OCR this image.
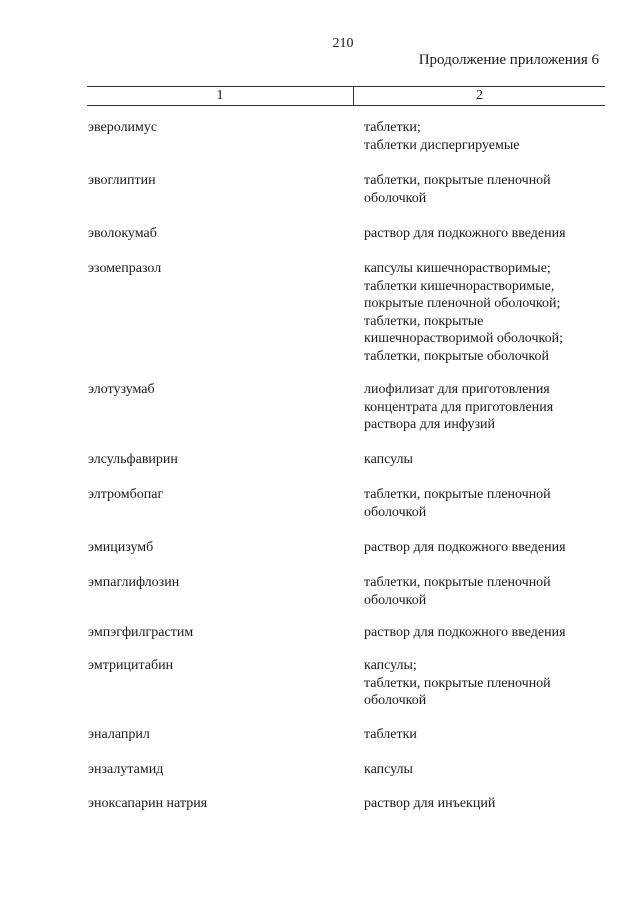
210
Продолжение приложения 6
1	2
эверолимус	таблетки;
таблетки диспергируемые
эвоглиптин	таблетки, покрытые пленочной
оболочкой
эволокумаб	раствор для подкожного введения
эзомепразол	капсулы кишечнорастворимые;
таблетки кишечнорастворимые,
покрытые пленочной оболочкой;
таблетки, покрытые
кишечнорастворимой оболочкой;
таблетки, покрытые оболочкой
элотузумаб	лиофилизат для приготовления
концентрата для приготовления
раствора для инфузий
элсульфавирин	капсулы
элтромбопаг	таблетки, покрытые пленочной
оболочкой
эмицизумб	раствор для подкожного введения
эмпаглифлозин	таблетки, покрытые пленочной
оболочкой
эмпэгфилграстим	раствор для подкожного введения
эмтрицитабин	капсулы;
таблетки, покрытые пленочной
оболочкой
эналаприл	таблетки
энзалутамид	капсулы
эноксапарин натрия	раствор для инъекций
